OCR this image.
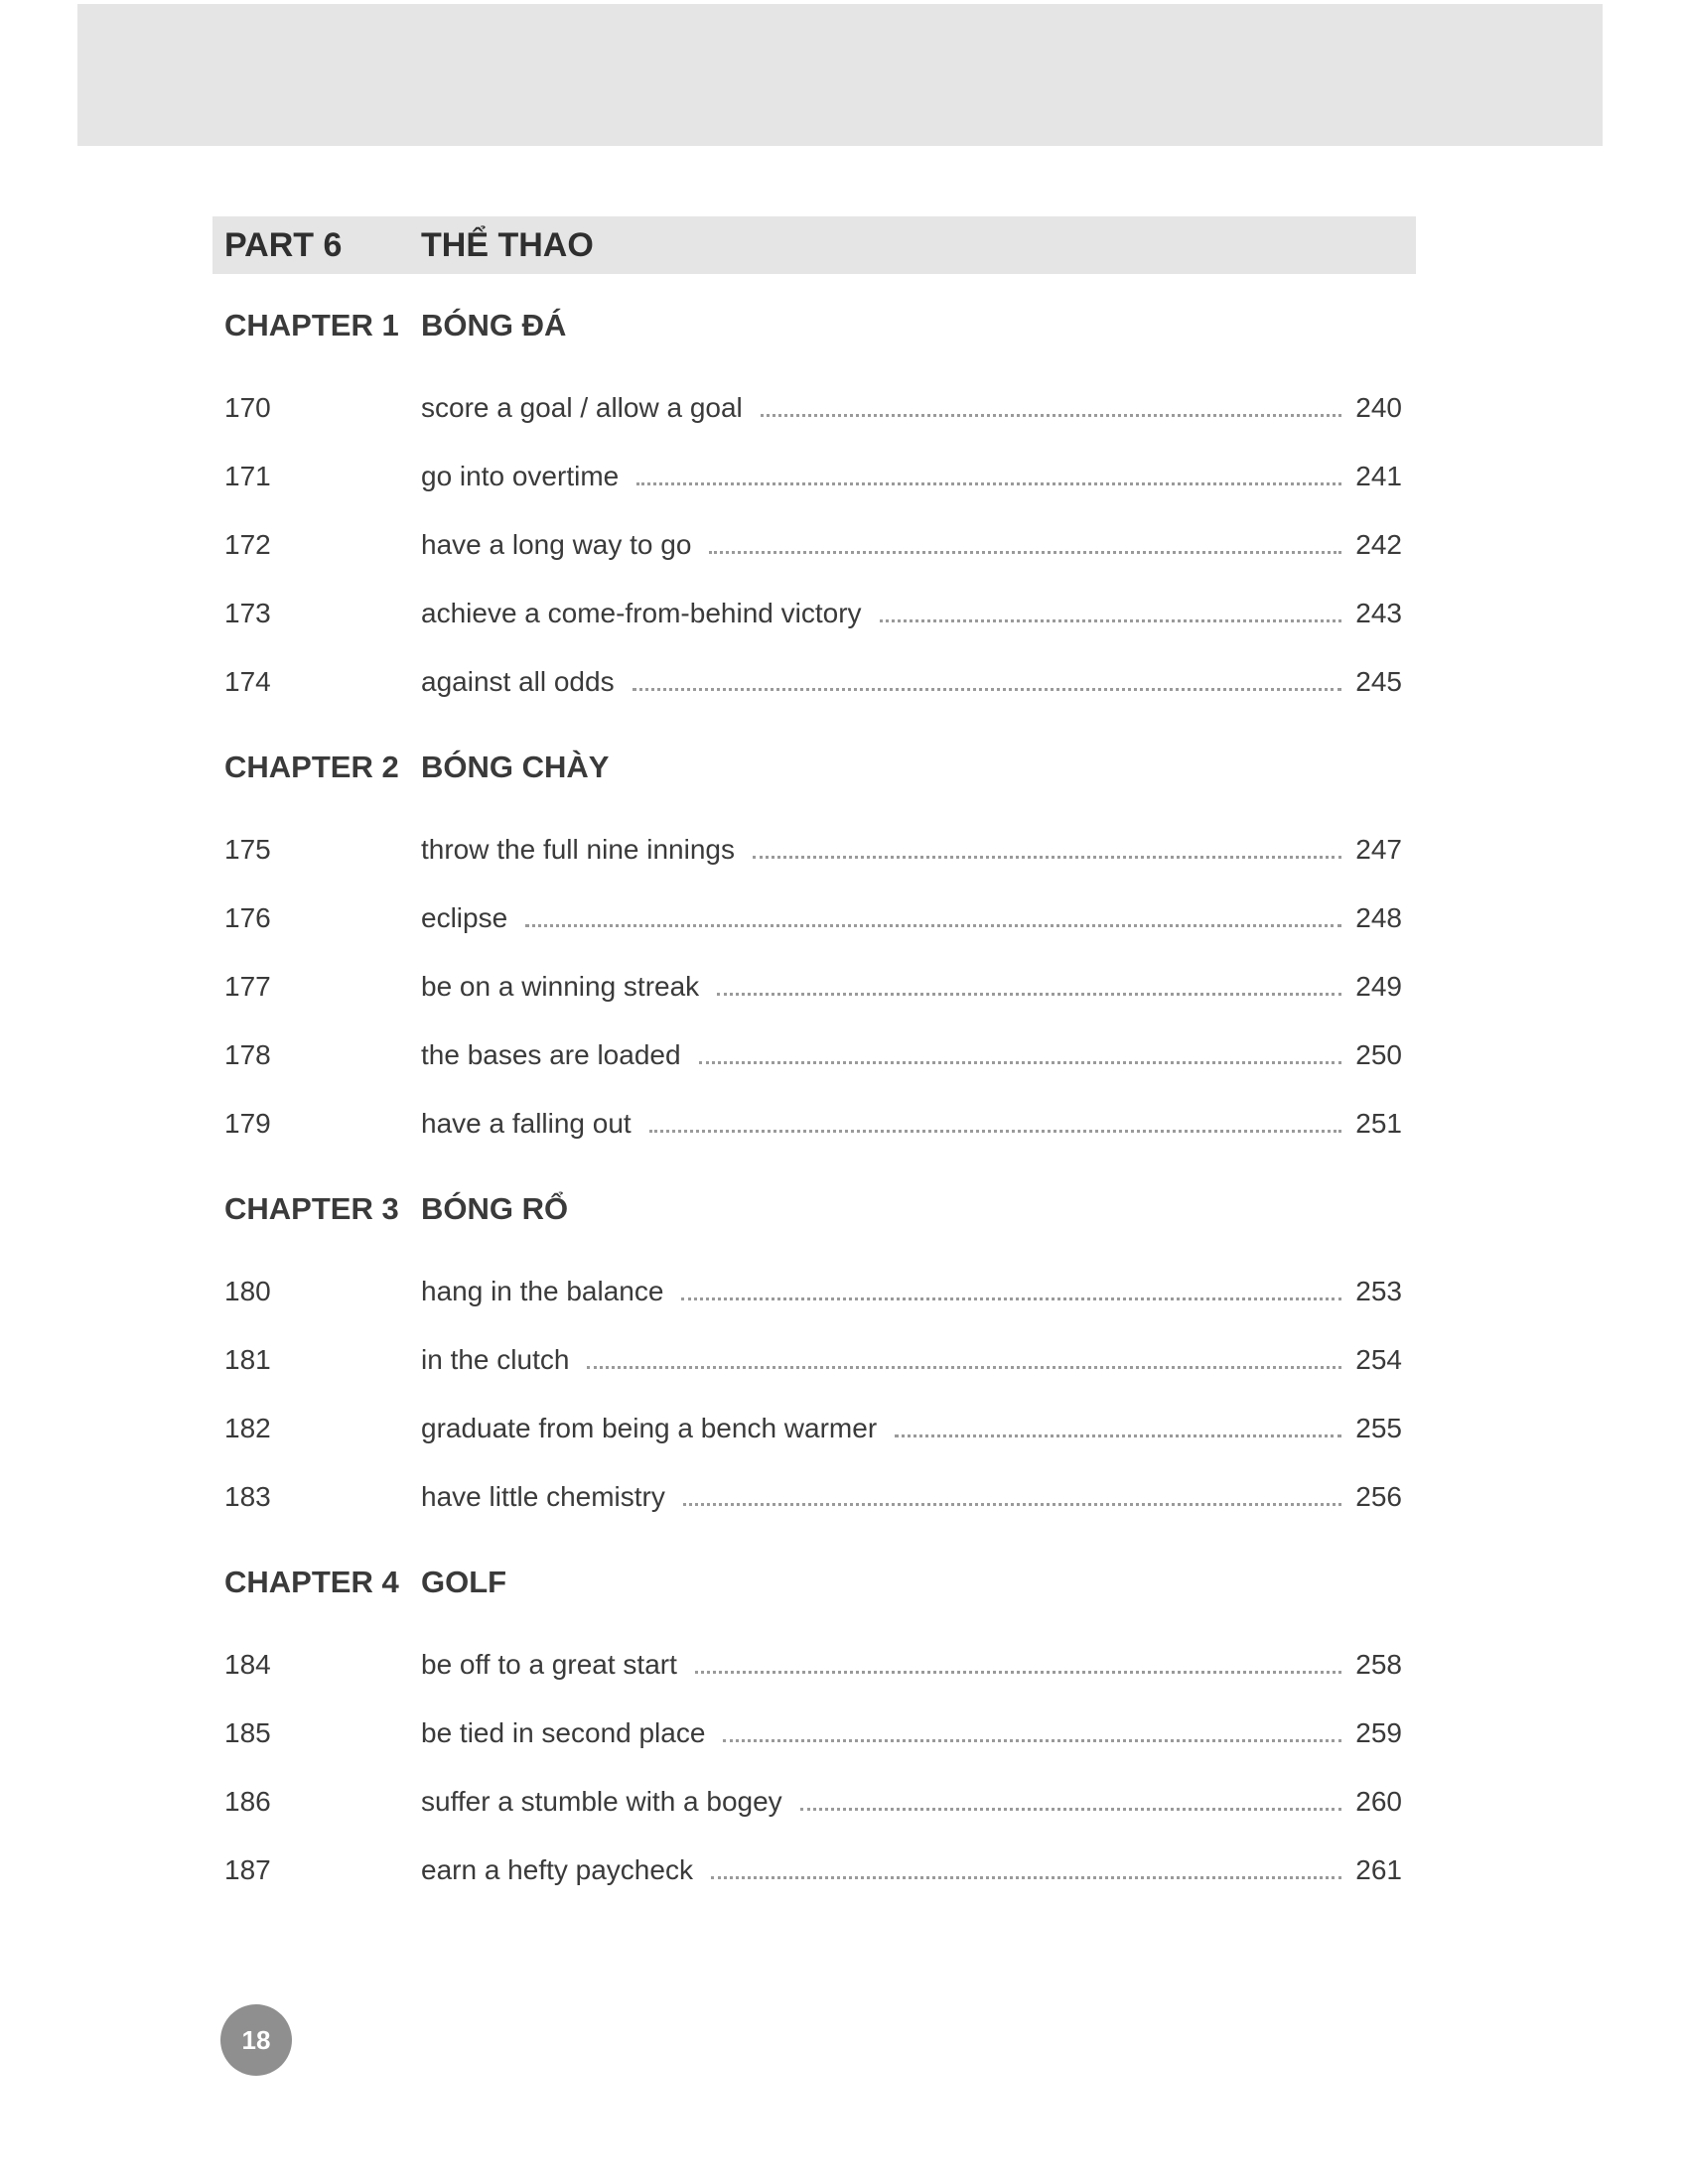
PART 6	THỂ THAO
CHAPTER 1 BÓNG ĐÁ
170	score a goal / allow a goal	240
171	go into overtime	241
172	have a long way to go	242
173	achieve a come-from-behind victory	243
174	against all odds	245
CHAPTER 2 BÓNG CHÀY
175	throw the full nine innings	247
176	eclipse	248
177	be on a winning streak	249
178	the bases are loaded	250
179	have a falling out	251
CHAPTER 3 BÓNG RỔ
180	hang in the balance	253
181	in the clutch	254
182	graduate from being a bench warmer	255
183	have little chemistry	256
CHAPTER 4 GOLF
184	be off to a great start	258
185	be tied in second place	259
186	suffer a stumble with a bogey	260
187	earn a hefty paycheck	261
18
